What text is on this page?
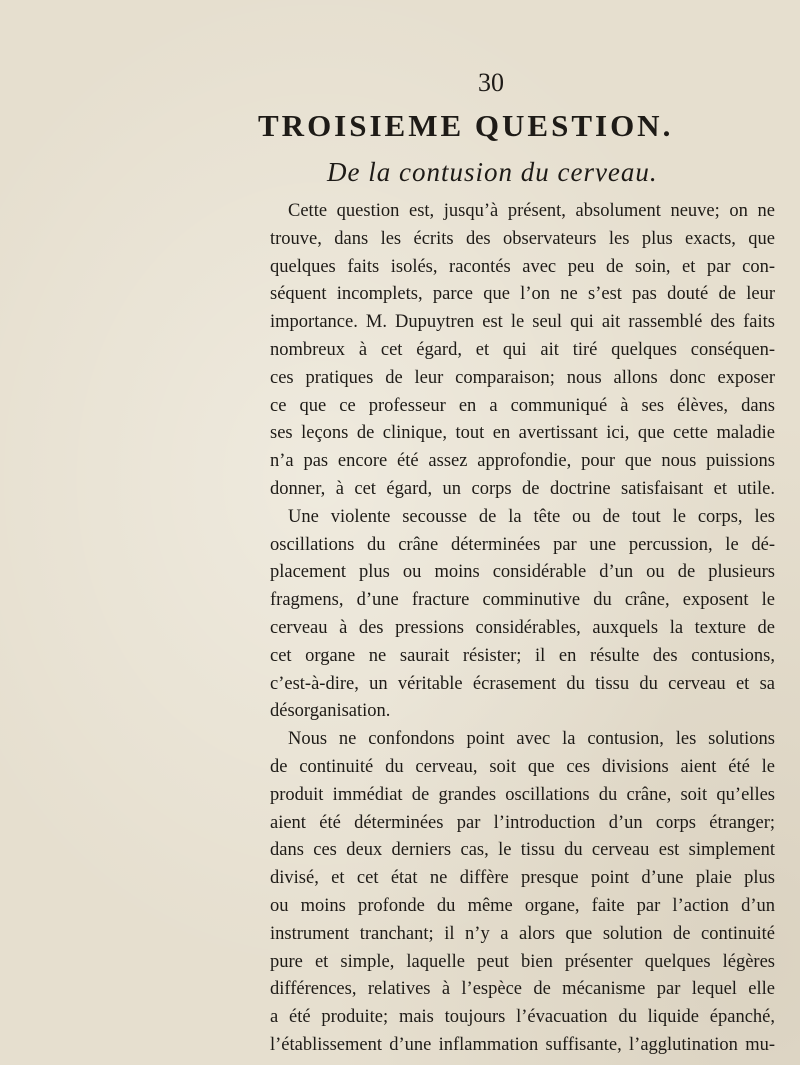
30
TROISIEME QUESTION.
De la contusion du cerveau.
Cette question est, jusqu’à présent, absolument neuve; on ne
trouve, dans les écrits des observateurs les plus exacts, que
quelques faits isolés, racontés avec peu de soin, et par con-
séquent incomplets, parce que l’on ne s’est pas douté de leur
importance. M. Dupuytren est le seul qui ait rassemblé des faits
nombreux à cet égard, et qui ait tiré quelques conséquen-
ces pratiques de leur comparaison; nous allons donc exposer
ce que ce professeur en a communiqué à ses élèves, dans
ses leçons de clinique, tout en avertissant ici, que cette maladie
n’a pas encore été assez approfondie, pour que nous puissions
donner, à cet égard, un corps de doctrine satisfaisant et utile.
Une violente secousse de la tête ou de tout le corps, les
oscillations du crâne déterminées par une percussion, le dé-
placement plus ou moins considérable d’un ou de plusieurs
fragmens, d’une fracture comminutive du crâne, exposent le
cerveau à des pressions considérables, auxquels la texture de
cet organe ne saurait résister; il en résulte des contusions,
c’est-à-dire, un véritable écrasement du tissu du cerveau et sa
désorganisation.
Nous ne confondons point avec la contusion, les solutions
de continuité du cerveau, soit que ces divisions aient été le
produit immédiat de grandes oscillations du crâne, soit qu’elles
aient été déterminées par l’introduction d’un corps étranger;
dans ces deux derniers cas, le tissu du cerveau est simplement
divisé, et cet état ne diffère presque point d’une plaie plus
ou moins profonde du même organe, faite par l’action d’un
instrument tranchant; il n’y a alors que solution de continuité
pure et simple, laquelle peut bien présenter quelques légères
différences, relatives à l’espèce de mécanisme par lequel elle
a été produite; mais toujours l’évacuation du liquide épanché,
l’établissement d’une inflammation suffisante, l’agglutination mu-
